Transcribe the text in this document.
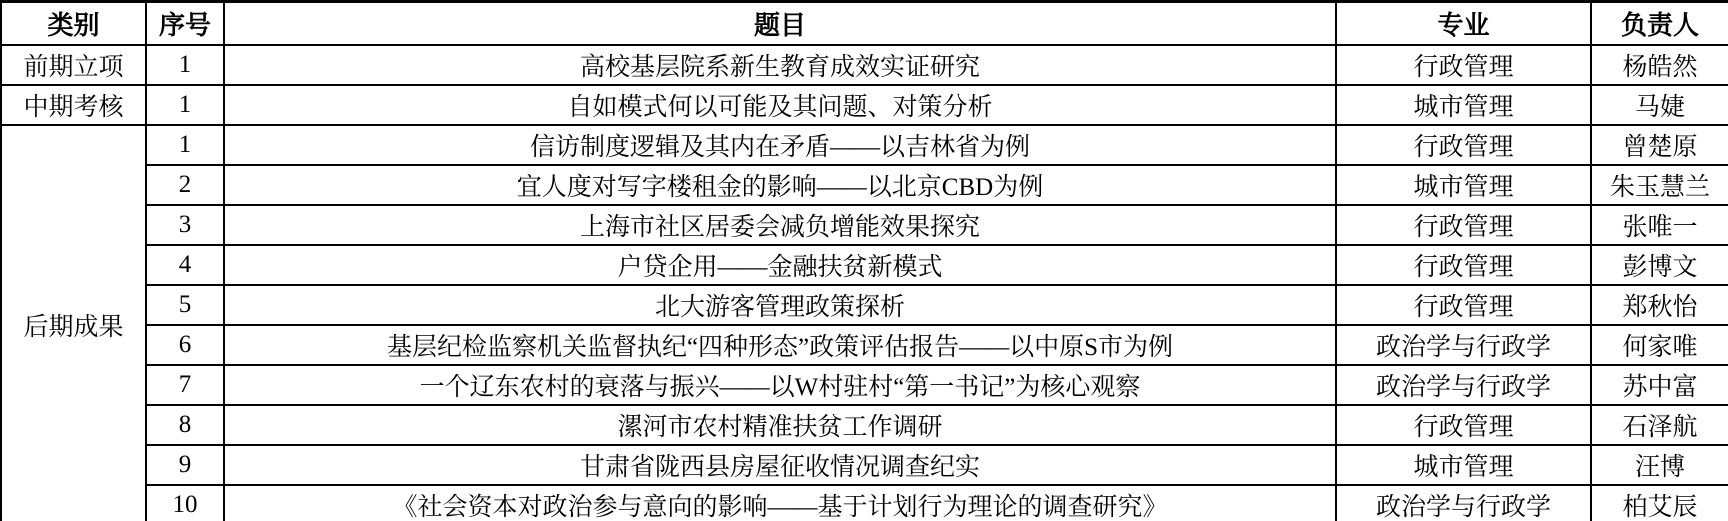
类别	序号	题目	专业	负责人
前期立项	1	高校基层院系新生教育成效实证研究	行政管理	杨皓然
中期考核	1	自如模式何以可能及其问题、对策分析	城市管理	马婕
后期成果	1	信访制度逻辑及其内在矛盾——以吉林省为例	行政管理	曾楚原
	2	宜人度对写字楼租金的影响——以北京CBD为例	城市管理	朱玉慧兰
	3	上海市社区居委会减负增能效果探究	行政管理	张唯一
	4	户贷企用——金融扶贫新模式	行政管理	彭博文
	5	北大游客管理政策探析	行政管理	郑秋怡
	6	基层纪检监察机关监督执纪“四种形态”政策评估报告——以中原S市为例	政治学与行政学	何家唯
	7	一个辽东农村的衰落与振兴——以W村驻村“第一书记”为核心观察	政治学与行政学	苏中富
	8	漯河市农村精准扶贫工作调研	行政管理	石泽航
	9	甘肃省陇西县房屋征收情况调查纪实	城市管理	汪博
	10	《社会资本对政治参与意向的影响——基于计划行为理论的调查研究》	政治学与行政学	柏艾辰
